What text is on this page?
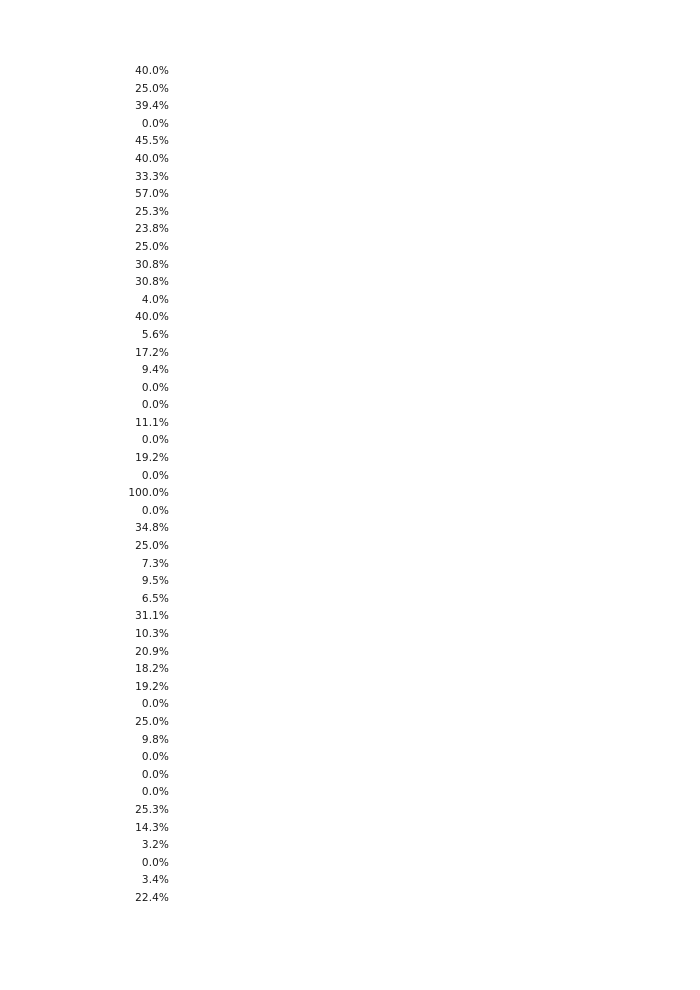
40.0%
25.0%
39.4%
0.0%
45.5%
40.0%
33.3%
57.0%
25.3%
23.8%
25.0%
30.8%
30.8%
4.0%
40.0%
5.6%
17.2%
9.4%
0.0%
0.0%
11.1%
0.0%
19.2%
0.0%
100.0%
0.0%
34.8%
25.0%
7.3%
9.5%
6.5%
31.1%
10.3%
20.9%
18.2%
19.2%
0.0%
25.0%
9.8%
0.0%
0.0%
0.0%
25.3%
14.3%
3.2%
0.0%
3.4%
22.4%
